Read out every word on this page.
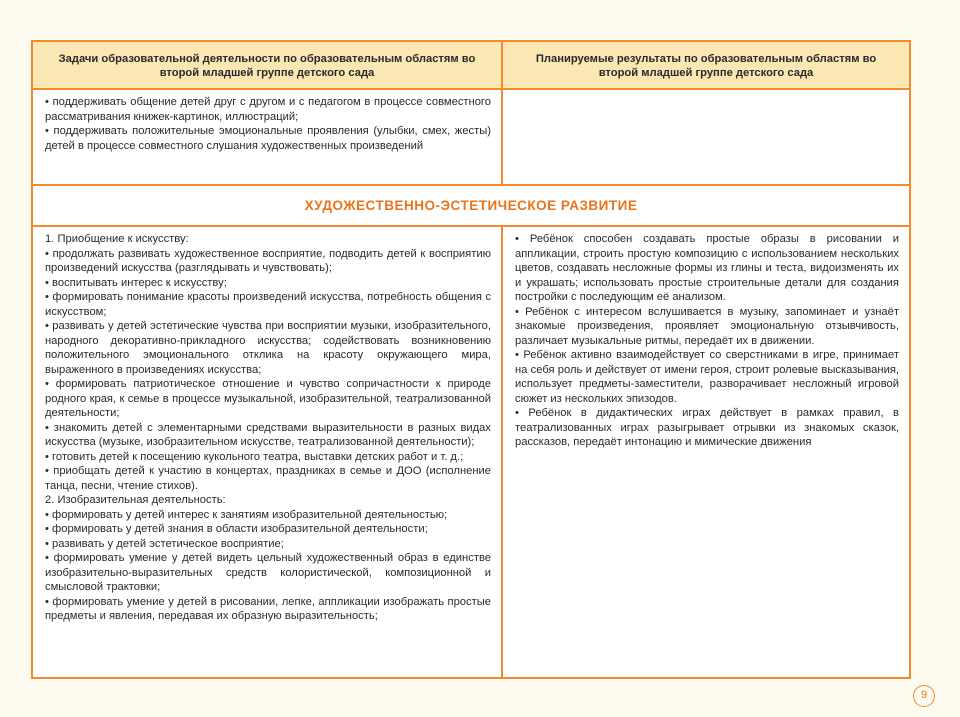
Задачи образовательной деятельности по образовательным областям во второй младшей группе детского сада
Планируемые результаты по образовательным областям во второй младшей группе детского сада

• поддерживать общение детей друг с другом и с педагогом в процессе совместного рассматривания книжек-картинок, иллюстраций;

• поддерживать положительные эмоциональные проявления (улыбки, смех, жесты) детей в процессе совместного слушания художественных произведений

ХУДОЖЕСТВЕННО-ЭСТЕТИЧЕСКОЕ РАЗВИТИЕ

1. Приобщение к искусству:

• продолжать развивать художественное восприятие, подводить детей к восприятию произведений искусства (разглядывать и чувствовать);

• воспитывать интерес к искусству;

• формировать понимание красоты произведений искусства, потребность общения с искусством;

• развивать у детей эстетические чувства при восприятии музыки, изобразительного, народного декоративно-прикладного искусства; содействовать возникновению положительного эмоционального отклика на красоту окружающего мира, выраженного в произведениях искусства;

• формировать патриотическое отношение и чувство сопричастности к природе родного края, к семье в процессе музыкальной, изобразительной, театрализованной деятельности;

• знакомить детей с элементарными средствами выразительности в разных видах искусства (музыке, изобразительном искусстве, театрализованной деятельности);

• готовить детей к посещению кукольного театра, выставки детских работ и т. д.;

• приобщать детей к участию в концертах, праздниках в семье и ДОО (исполнение танца, песни, чтение стихов).

2. Изобразительная деятельность:

• формировать у детей интерес к занятиям изобразительной деятельностью;

• формировать у детей знания в области изобразительной деятельности;

• развивать у детей эстетическое восприятие;

• формировать умение у детей видеть цельный художественный образ в единстве изобразительно-выразительных средств колористической, композиционной и смысловой трактовки;

• формировать умение у детей в рисовании, лепке, аппликации изображать простые предметы и явления, передавая их образную выразительность;

• Ребёнок способен создавать простые образы в рисовании и аппликации, строить простую композицию с использованием нескольких цветов, создавать несложные формы из глины и теста, видоизменять их и украшать; использовать простые строительные детали для создания постройки с последующим её анализом.

• Ребёнок с интересом вслушивается в музыку, запоминает и узнаёт знакомые произведения, проявляет эмоциональную отзывчивость, различает музыкальные ритмы, передаёт их в движении.

• Ребёнок активно взаимодействует со сверстниками в игре, принимает на себя роль и действует от имени героя, строит ролевые высказывания, использует предметы-заместители, разворачивает несложный игровой сюжет из нескольких эпизодов.

• Ребёнок в дидактических играх действует в рамках правил, в театрализованных играх разыгрывает отрывки из знакомых сказок, рассказов, передаёт интонацию и мимические движения

9
